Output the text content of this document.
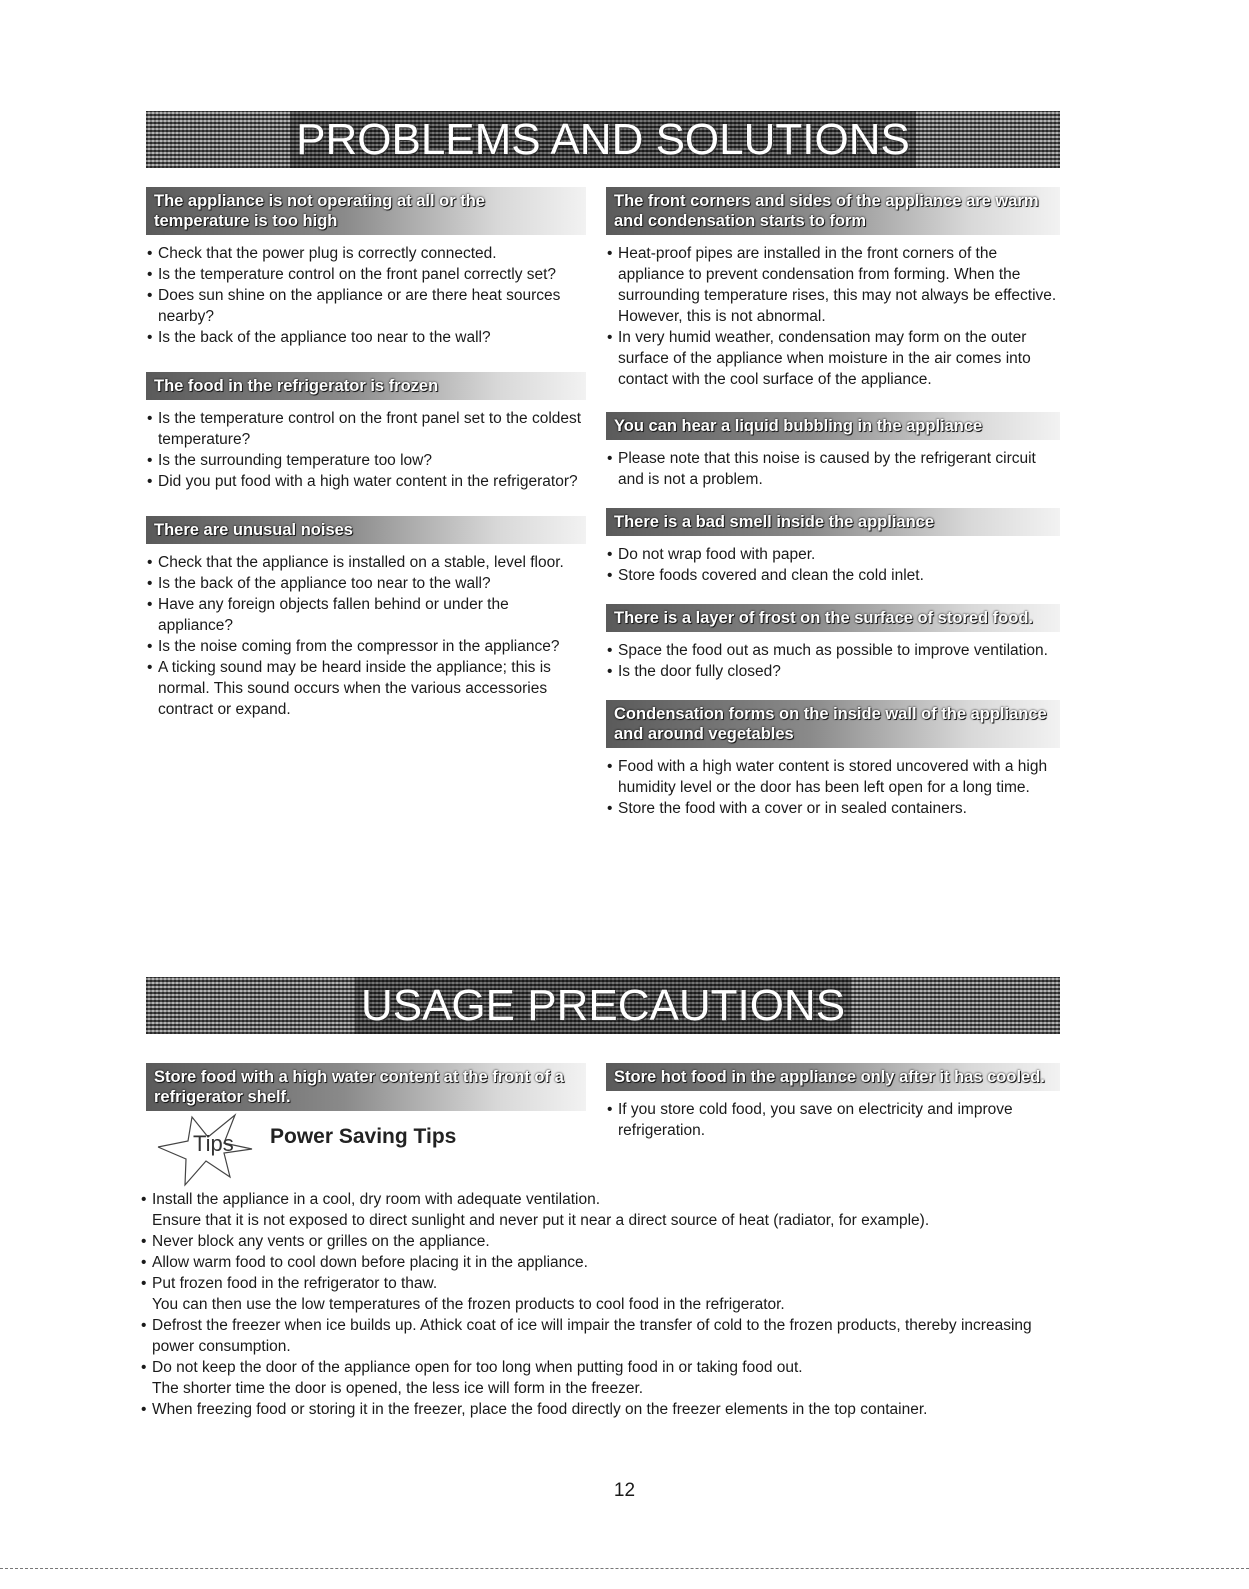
PROBLEMS AND SOLUTIONS
The appliance is not operating at all or the temperature is too high
• Check that the power plug is correctly connected.
• Is the temperature control on the front panel correctly set?
• Does sun shine on the appliance or are there heat sources nearby?
• Is the back of the appliance too near to the wall?
The food in the refrigerator is frozen
• Is the temperature control on the front panel set to the coldest temperature?
• Is the surrounding temperature too low?
• Did you put food with a high water content in the refrigerator?
There are unusual noises
• Check that the appliance is installed on a stable, level floor.
• Is the back of the appliance too near to the wall?
• Have any foreign objects fallen behind or under the appliance?
• Is the noise coming from the compressor in the appliance?
• A ticking sound may be heard inside the appliance; this is normal. This sound occurs when the various accessories contract or expand.
The front corners and sides of the appliance are warm and condensation starts to form
• Heat-proof pipes are installed in the front corners of the appliance to prevent condensation from forming. When the surrounding temperature rises, this may not always be effective. However, this is not abnormal.
• In very humid weather, condensation may form on the outer surface of the appliance when moisture in the air comes into contact with the cool surface of the appliance.
You can hear a liquid bubbling in the appliance
• Please note that this noise is caused by the refrigerant circuit and is not a problem.
There is a bad smell inside the appliance
• Do not wrap food with paper.
• Store foods covered and clean the cold inlet.
There is a layer of frost on the surface of stored food.
• Space the food out as much as possible to improve ventilation.
• Is the door fully closed?
Condensation forms on the inside wall of the appliance and around vegetables
• Food with a high water content is stored uncovered with a high humidity level or the door has been left open for a long time.
• Store the food with a cover or in sealed containers.
USAGE PRECAUTIONS
Store food with a high water content at the front of a refrigerator shelf.
Store hot food in the appliance only after it has cooled.
• If you store cold food, you save on electricity and improve refrigeration.
Tips Power Saving Tips
• Install the appliance in a cool, dry room with adequate ventilation.
Ensure that it is not exposed to direct sunlight and never put it near a direct source of heat (radiator, for example).
• Never block any vents or grilles on the appliance.
• Allow warm food to cool down before placing it in the appliance.
• Put frozen food in the refrigerator to thaw.
You can then use the low temperatures of the frozen products to cool food in the refrigerator.
• Defrost the freezer when ice builds up. Athick coat of ice will impair the transfer of cold to the frozen products, thereby increasing power consumption.
• Do not keep the door of the appliance open for too long when putting food in or taking food out.
The shorter time the door is opened, the less ice will form in the freezer.
• When freezing food or storing it in the freezer, place the food directly on the freezer elements in the top container.
12
